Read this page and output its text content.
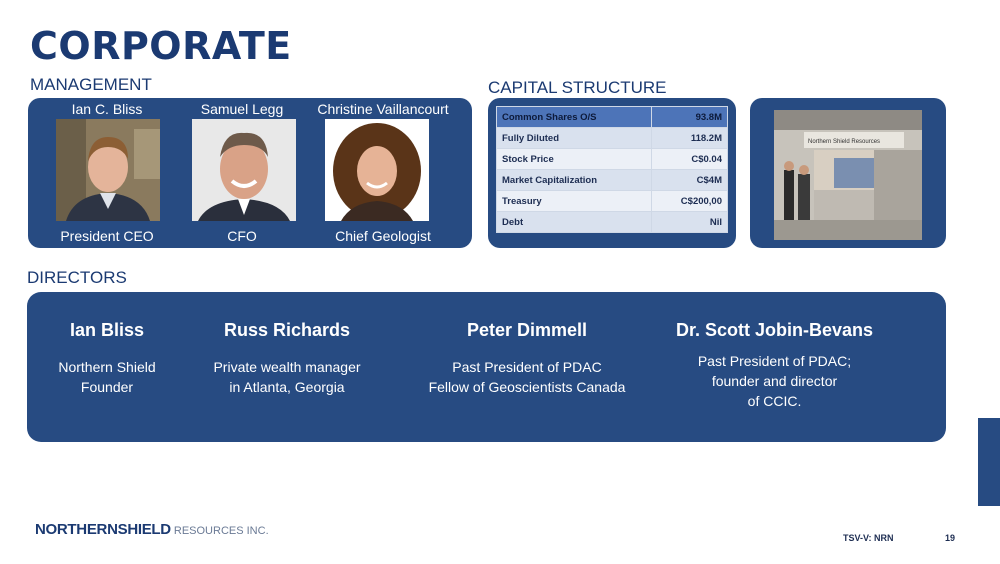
CORPORATE
MANAGEMENT
Ian C. Bliss
President CEO
Samuel Legg
CFO
Christine Vaillancourt
Chief Geologist
CAPITAL STRUCTURE
Common Shares O/S	93.8M
Fully Diluted	118.2M
Stock Price	C$0.04
Market Capitalization	C$4M
Treasury	C$200,00
Debt	Nil
Northern Shield Resources
DIRECTORS
Ian Bliss
Northern Shield
Founder
Russ Richards
Private wealth manager
in Atlanta, Georgia
Peter Dimmell
Past President of PDAC
Fellow of Geoscientists Canada
Dr. Scott Jobin-Bevans
Past President of PDAC;
founder and director
of CCIC.
NORTHERNSHIELD RESOURCES INC.
TSV-V: NRN	19
